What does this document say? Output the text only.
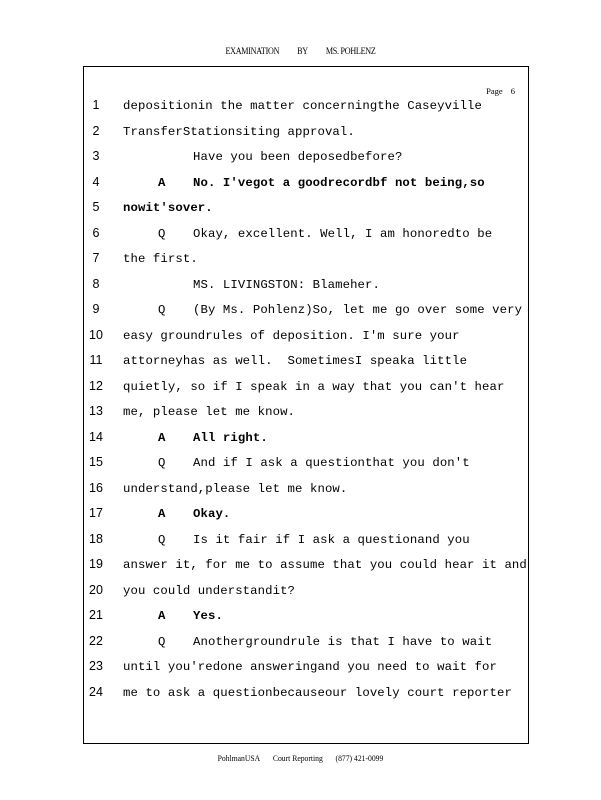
EXAMINATION BY MS. POHLENZ
Page 6
1	depositionin the matter concerningthe Caseyville
2	TransferStationsiting approval.
3	Have you been deposedbefore?
4	A No. I'vegot a goodrecordbf not being,so
5	nowit'sover.
6	Q Okay, excellent. Well, I am honoredto be
7	the first.
8	MS. LIVINGSTON: Blameher.
9	Q (By Ms. Pohlenz)So, let me go over some very
10 easy groundrules of deposition. I'm sure your
11 attorneyhas as well.  SometimesI speaka little
12 quietly, so if I speak in a way that you can't hear
13 me, please let me know.
14	A All right.
15	Q And if I ask a questionthat you don't
16 understand,please let me know.
17	A Okay.
18	Q Is it fair if I ask a questionand you
19 answer it, for me to assume that you could hear it and
20 you could understandit?
21	A Yes.
22	Q Anothergroundrule is that I have to wait
23 until you'redone answeringand you need to wait for
24 me to ask a questionbecauseour lovely court reporter
PohlmanUSA Court Reporting (877) 421-0099
